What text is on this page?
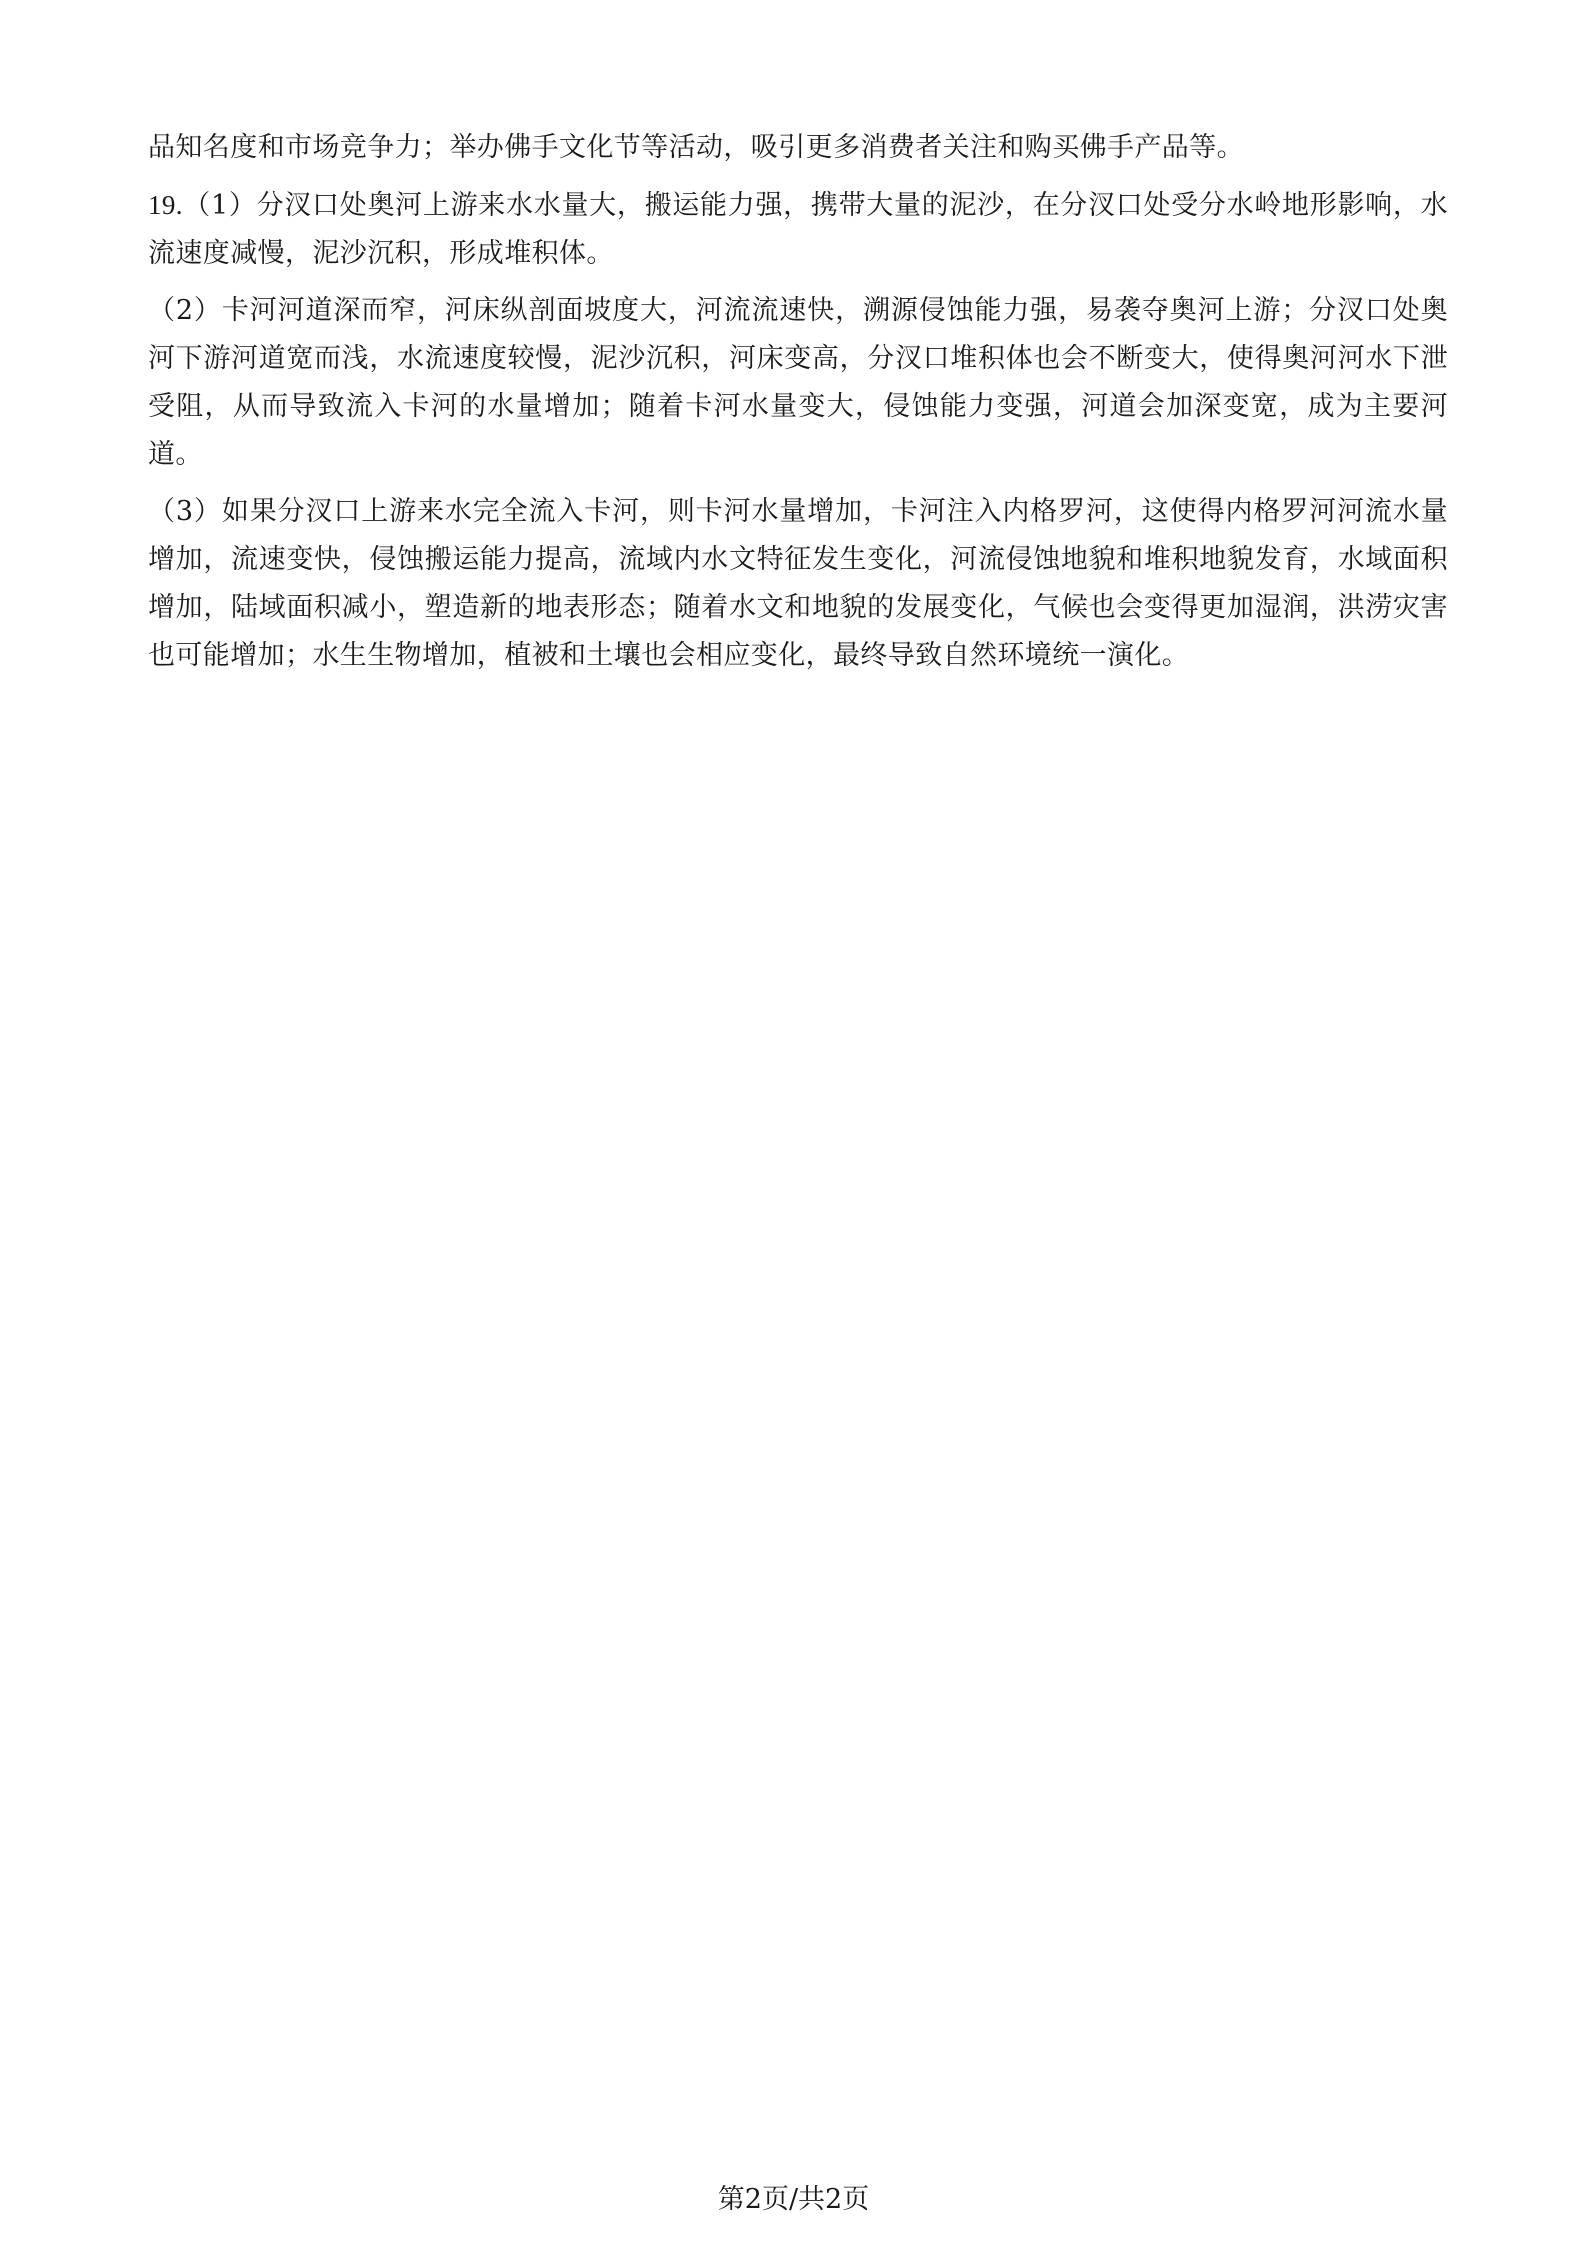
品知名度和市场竞争力；举办佛手文化节等活动，吸引更多消费者关注和购买佛手产品等。

19.（1）分汊口处奥河上游来水水量大，搬运能力强，携带大量的泥沙，在分汊口处受分水岭地形影响，水流速度减慢，泥沙沉积，形成堆积体。

（2）卡河河道深而窄，河床纵剖面坡度大，河流流速快，溯源侵蚀能力强，易袭夺奥河上游；分汊口处奥河下游河道宽而浅，水流速度较慢，泥沙沉积，河床变高，分汊口堆积体也会不断变大，使得奥河河水下泄受阻，从而导致流入卡河的水量增加；随着卡河水量变大，侵蚀能力变强，河道会加深变宽，成为主要河道。

（3）如果分汊口上游来水完全流入卡河，则卡河水量增加，卡河注入内格罗河，这使得内格罗河河流水量增加，流速变快，侵蚀搬运能力提高，流域内水文特征发生变化，河流侵蚀地貌和堆积地貌发育，水域面积增加，陆域面积减小，塑造新的地表形态；随着水文和地貌的发展变化，气候也会变得更加湿润，洪涝灾害也可能增加；水生生物增加，植被和土壤也会相应变化，最终导致自然环境统一演化。

第2页/共2页
